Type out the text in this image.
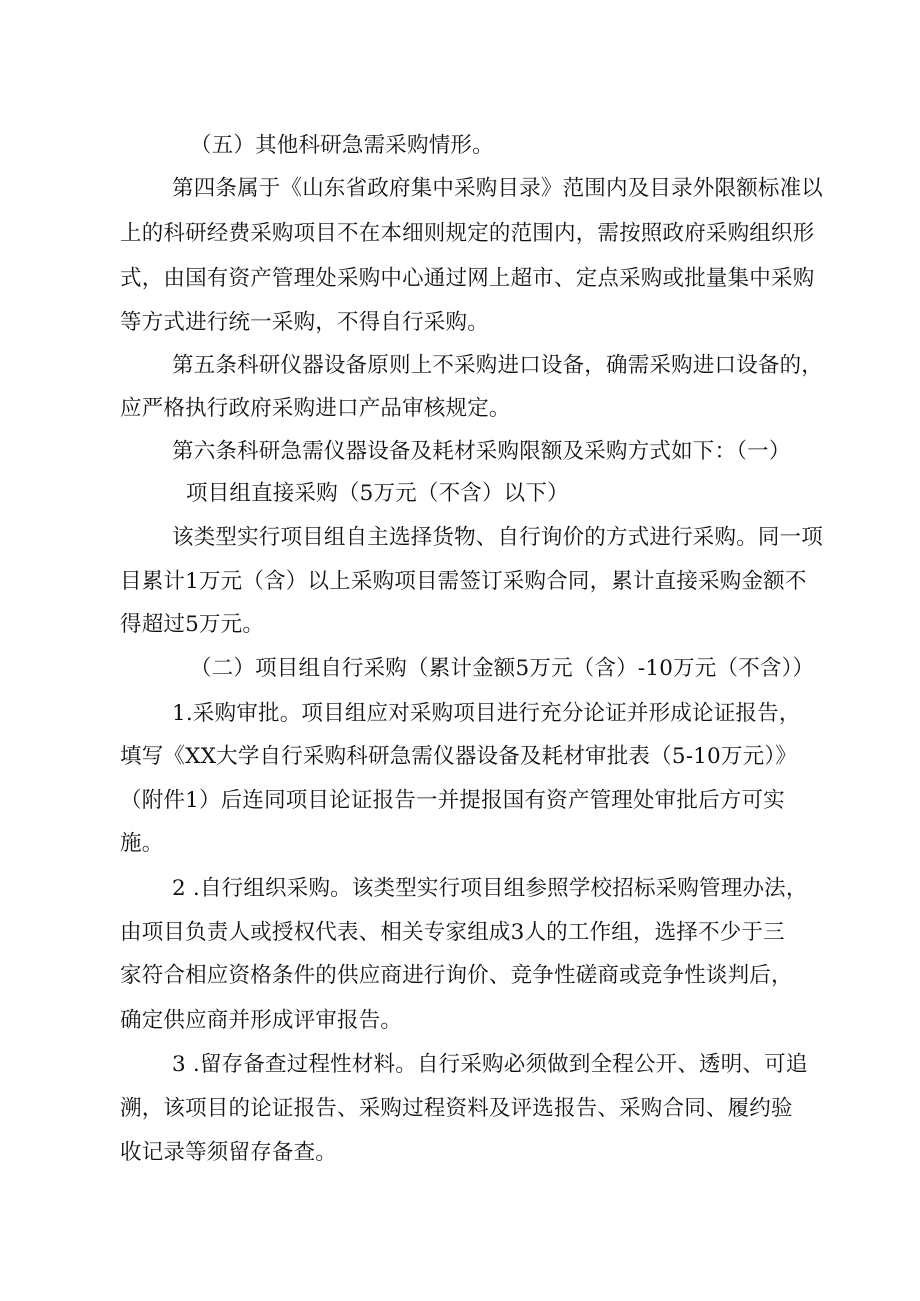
（五）其他科研急需采购情形。
第四条属于《山东省政府集中采购目录》范围内及目录外限额标准以
上的科研经费采购项目不在本细则规定的范围内，需按照政府采购组织形
式，由国有资产管理处采购中心通过网上超市、定点采购或批量集中采购
等方式进行统一采购，不得自行采购。
第五条科研仪器设备原则上不采购进口设备，确需采购进口设备的，
应严格执行政府采购进口产品审核规定。
第六条科研急需仪器设备及耗材采购限额及采购方式如下：（一）
项目组直接采购（5万元（不含）以下）
该类型实行项目组自主选择货物、自行询价的方式进行采购。同一项
目累计1万元（含）以上采购项目需签订采购合同，累计直接采购金额不
得超过5万元。
（二）项目组自行采购（累计金额5万元（含）-10万元（不含））
1.采购审批。项目组应对采购项目进行充分论证并形成论证报告，
填写《XX大学自行采购科研急需仪器设备及耗材审批表（5-10万元）》
（附件1）后连同项目论证报告一并提报国有资产管理处审批后方可实
施。
2 .自行组织采购。该类型实行项目组参照学校招标采购管理办法，
由项目负责人或授权代表、相关专家组成3人的工作组，选择不少于三
家符合相应资格条件的供应商进行询价、竞争性磋商或竞争性谈判后，
确定供应商并形成评审报告。
3 .留存备查过程性材料。自行采购必须做到全程公开、透明、可追
溯，该项目的论证报告、采购过程资料及评选报告、采购合同、履约验
收记录等须留存备查。
